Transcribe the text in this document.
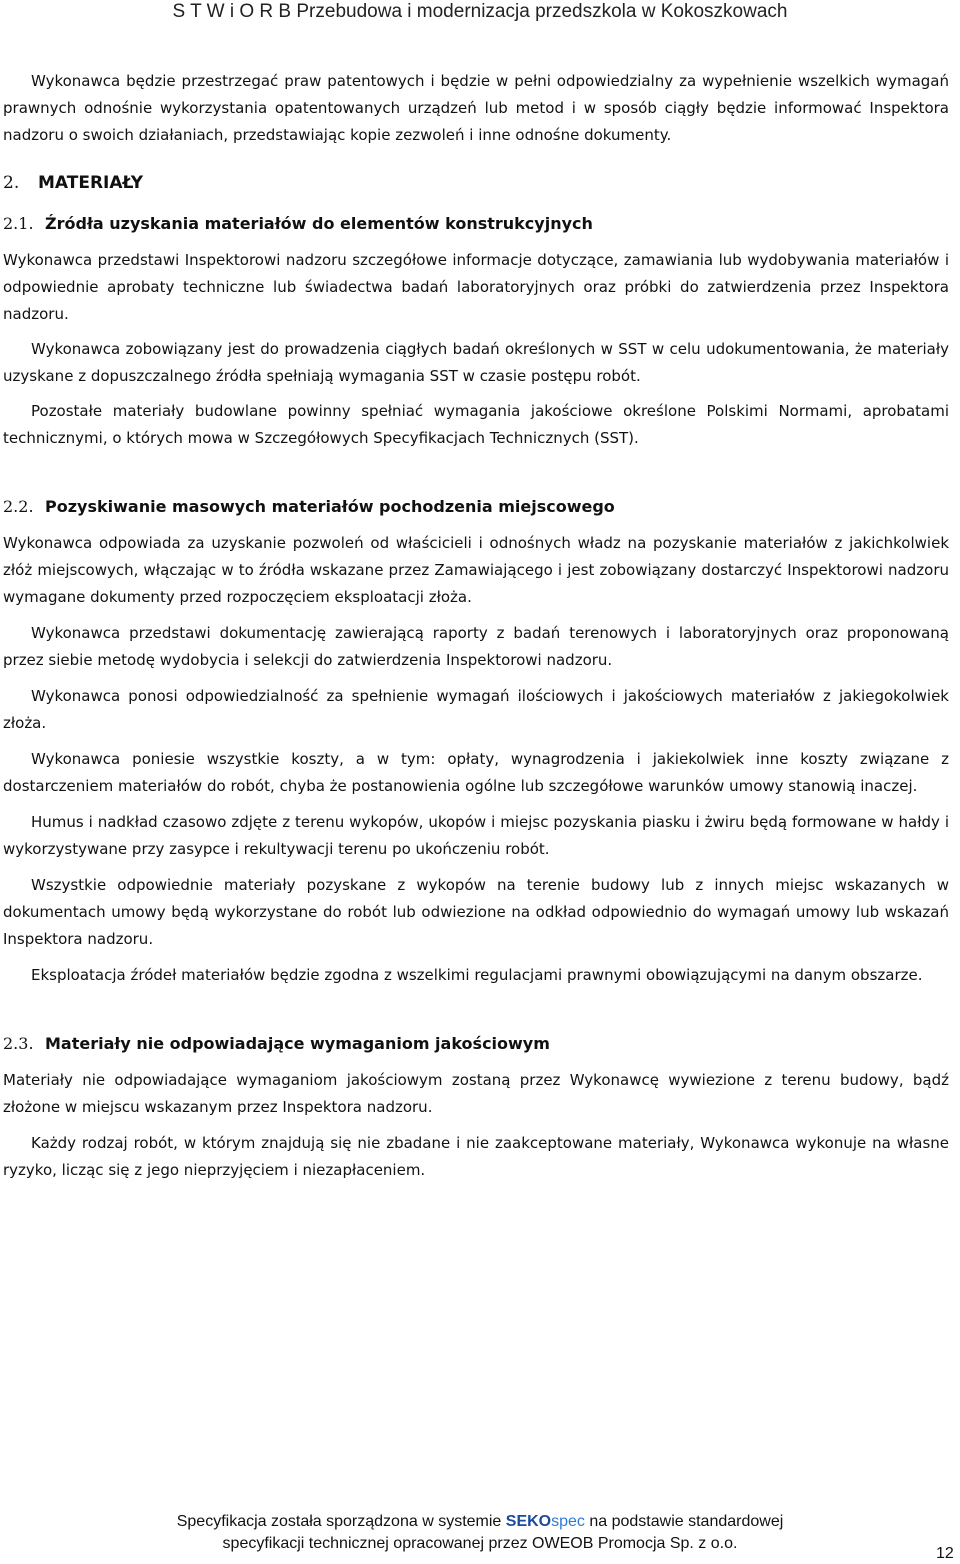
S T W i O R B Przebudowa i modernizacja przedszkola w Kokoszkowach

Wykonawca będzie przestrzegać praw patentowych i będzie w pełni odpowiedzialny za wypełnienie wszelkich wymagań prawnych odnośnie wykorzystania opatentowanych urządzeń lub metod i w sposób ciągły będzie informować Inspektora nadzoru o swoich działaniach, przedstawiając kopie zezwoleń i inne odnośne dokumenty.

2. MATERIAŁY
2.1. Źródła uzyskania materiałów do elementów konstrukcyjnych

Wykonawca przedstawi Inspektorowi nadzoru szczegółowe informacje dotyczące, zamawiania lub wydobywania materiałów i odpowiednie aprobaty techniczne lub świadectwa badań laboratoryjnych oraz próbki do zatwierdzenia przez Inspektora nadzoru.

Wykonawca zobowiązany jest do prowadzenia ciągłych badań określonych w SST w celu udokumentowania, że materiały uzyskane z dopuszczalnego źródła spełniają wymagania SST w czasie postępu robót.

Pozostałe materiały budowlane powinny spełniać wymagania jakościowe określone Polskimi Normami, aprobatami technicznymi, o których mowa w Szczegółowych Specyfikacjach Technicznych (SST).

2.2. Pozyskiwanie masowych materiałów pochodzenia miejscowego

Wykonawca odpowiada za uzyskanie pozwoleń od właścicieli i odnośnych władz na pozyskanie materiałów z jakichkolwiek złóż miejscowych, włączając w to źródła wskazane przez Zamawiającego i jest zobowiązany dostarczyć Inspektorowi nadzoru wymagane dokumenty przed rozpoczęciem eksploatacji złoża.

Wykonawca przedstawi dokumentację zawierającą raporty z badań terenowych i laboratoryjnych oraz proponowaną przez siebie metodę wydobycia i selekcji do zatwierdzenia Inspektorowi nadzoru.

Wykonawca ponosi odpowiedzialność za spełnienie wymagań ilościowych i jakościowych materiałów z jakiegokolwiek złoża.

Wykonawca poniesie wszystkie koszty, a w tym: opłaty, wynagrodzenia i jakiekolwiek inne koszty związane z dostarczeniem materiałów do robót, chyba że postanowienia ogólne lub szczegółowe warunków umowy stanowią inaczej.

Humus i nadkład czasowo zdjęte z terenu wykopów, ukopów i miejsc pozyskania piasku i żwiru będą formowane w hałdy i wykorzystywane przy zasypce i rekultywacji terenu po ukończeniu robót.

Wszystkie odpowiednie materiały pozyskane z wykopów na terenie budowy lub z innych miejsc wskazanych w dokumentach umowy będą wykorzystane do robót lub odwiezione na odkład odpowiednio do wymagań umowy lub wskazań Inspektora nadzoru.

Eksploatacja źródeł materiałów będzie zgodna z wszelkimi regulacjami prawnymi obowiązującymi na danym obszarze.

2.3. Materiały nie odpowiadające wymaganiom jakościowym

Materiały nie odpowiadające wymaganiom jakościowym zostaną przez Wykonawcę wywiezione z terenu budowy, bądź złożone w miejscu wskazanym przez Inspektora nadzoru.

Każdy rodzaj robót, w którym znajdują się nie zbadane i nie zaakceptowane materiały, Wykonawca wykonuje na własne ryzyko, licząc się z jego nieprzyjęciem i niezapłaceniem.

Specyfikacja została sporządzona w systemie SEKOspec na podstawie standardowej
specyfikacji technicznej opracowanej przez OWEOB Promocja Sp. z o.o.
12
